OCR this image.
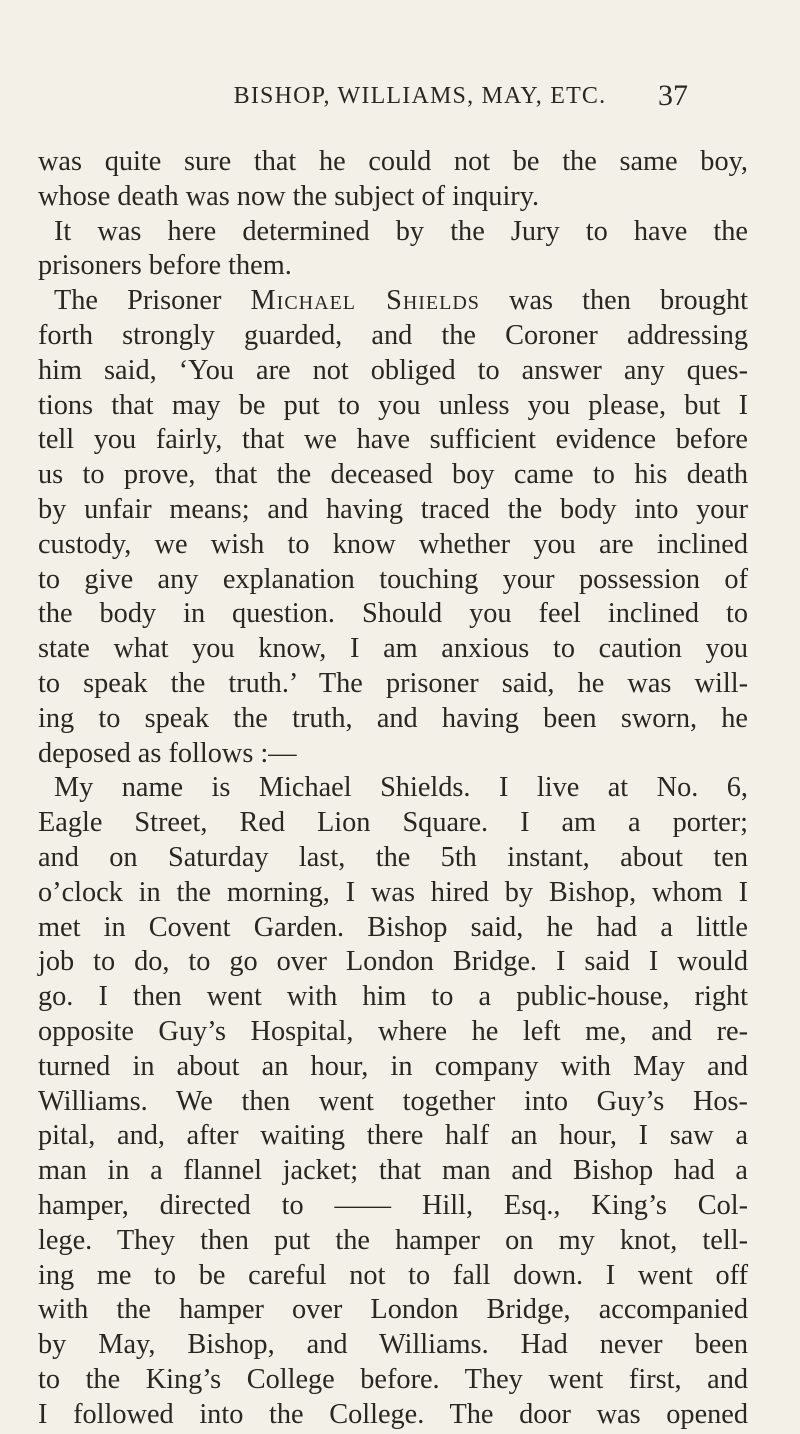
BISHOP, WILLIAMS, MAY, ETC.	37
was quite sure that he could not be the same boy,
whose death was now the subject of inquiry.
It was here determined by the Jury to have the
prisoners before them.
The Prisoner Michael Shields was then brought
forth strongly guarded, and the Coroner addressing
him said, ‘You are not obliged to answer any ques-
tions that may be put to you unless you please, but I
tell you fairly, that we have sufficient evidence before
us to prove, that the deceased boy came to his death
by unfair means; and having traced the body into your
custody, we wish to know whether you are inclined
to give any explanation touching your possession of
the body in question. Should you feel inclined to
state what you know, I am anxious to caution you
to speak the truth.’ The prisoner said, he was will-
ing to speak the truth, and having been sworn, he
deposed as follows :—
My name is Michael Shields. I live at No. 6,
Eagle Street, Red Lion Square. I am a porter;
and on Saturday last, the 5th instant, about ten
o’clock in the morning, I was hired by Bishop, whom I
met in Covent Garden. Bishop said, he had a little
job to do, to go over London Bridge. I said I would
go. I then went with him to a public-house, right
opposite Guy’s Hospital, where he left me, and re-
turned in about an hour, in company with May and
Williams. We then went together into Guy’s Hos-
pital, and, after waiting there half an hour, I saw a
man in a flannel jacket; that man and Bishop had a
hamper, directed to —— Hill, Esq., King’s Col-
lege. They then put the hamper on my knot, tell-
ing me to be careful not to fall down. I went off
with the hamper over London Bridge, accompanied
by May, Bishop, and Williams. Had never been
to the King’s College before. They went first, and
I followed into the College. The door was opened
